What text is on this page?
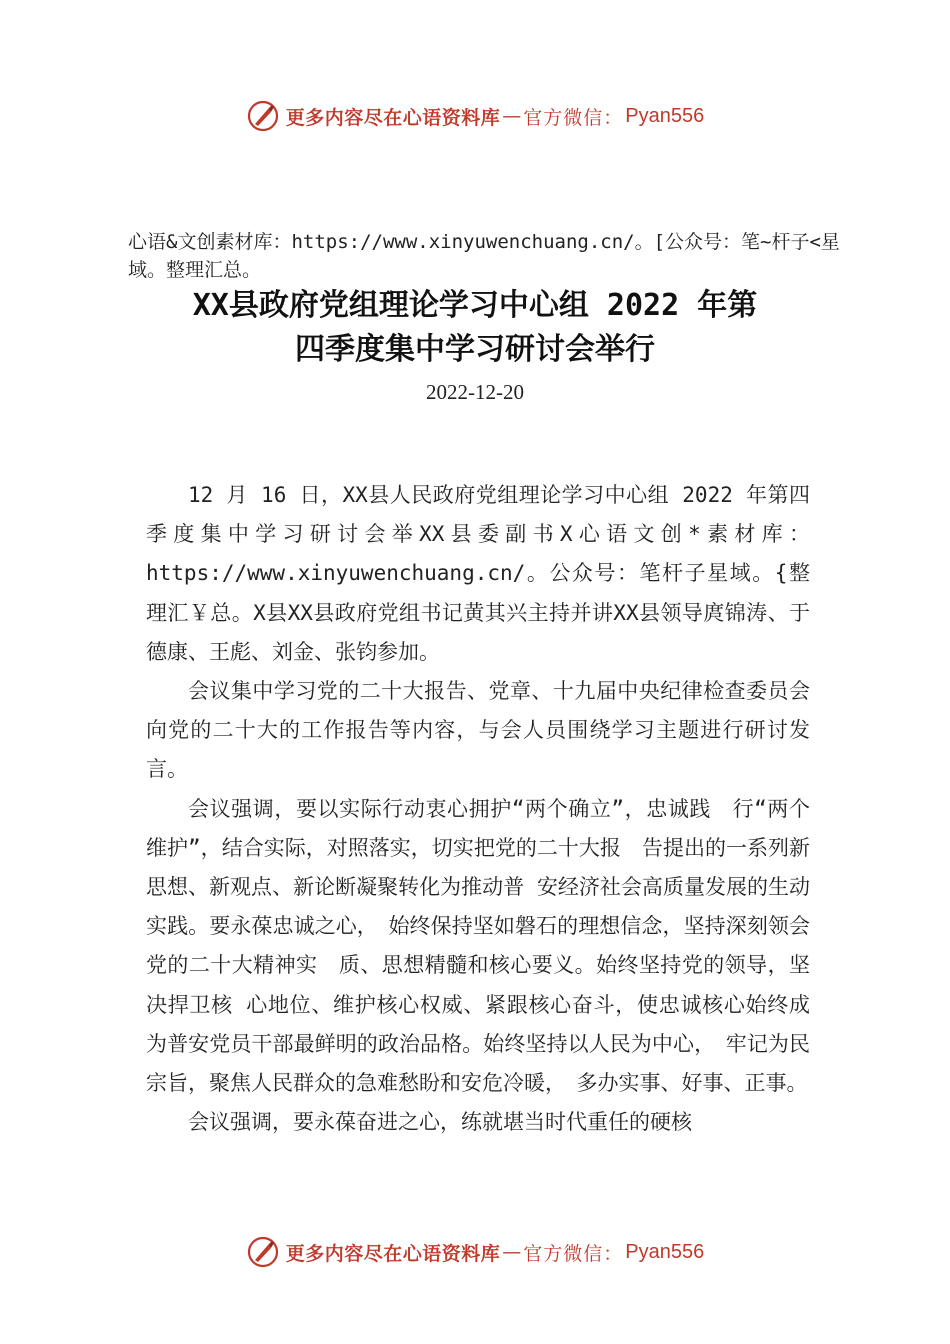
更多内容尽在心语资料库 — 官方微信： Pyan556
心语&文创素材库：https://www.xinyuwenchuang.cn/。[公众号：笔~杆子<星域。整理汇总。
XX县政府党组理论学习中心组 2022 年第
四季度集中学习研讨会举行
2022-12-20

12 月 16 日，XX县人民政府党组理论学习中心组 2022 年第四季度集中学习研讨会举XX县委副书X心语文创*素材库：https://www.xinyuwenchuang.cn/。公众号：笔杆子星域。{整理汇￥总。X县XX县政府党组书记黄其兴主持并讲XX县领导庹锦涛、于德康、王彪、刘金、张钧参加。

会议集中学习党的二十大报告、党章、十九届中央纪律检查委员会向党的二十大的工作报告等内容，与会人员围绕学习主题进行研讨发言。

会议强调，要以实际行动衷心拥护“两个确立”，忠诚践　行“两个维护”，结合实际，对照落实，切实把党的二十大报　告提出的一系列新思想、新观点、新论断凝聚转化为推动普 安经济社会高质量发展的生动实践。要永葆忠诚之心，　始终保持坚如磐石的理想信念，坚持深刻领会党的二十大精神实　质、思想精髓和核心要义。始终坚持党的领导，坚决捍卫核 心地位、维护核心权威、紧跟核心奋斗，使忠诚核心始终成 为普安党员干部最鲜明的政治品格。始终坚持以人民为中心，　牢记为民宗旨，聚焦人民群众的急难愁盼和安危冷暖，　多办实事、好事、正事。

会议强调，要永葆奋进之心，练就堪当时代重任的硬核

更多内容尽在心语资料库 — 官方微信： Pyan556
